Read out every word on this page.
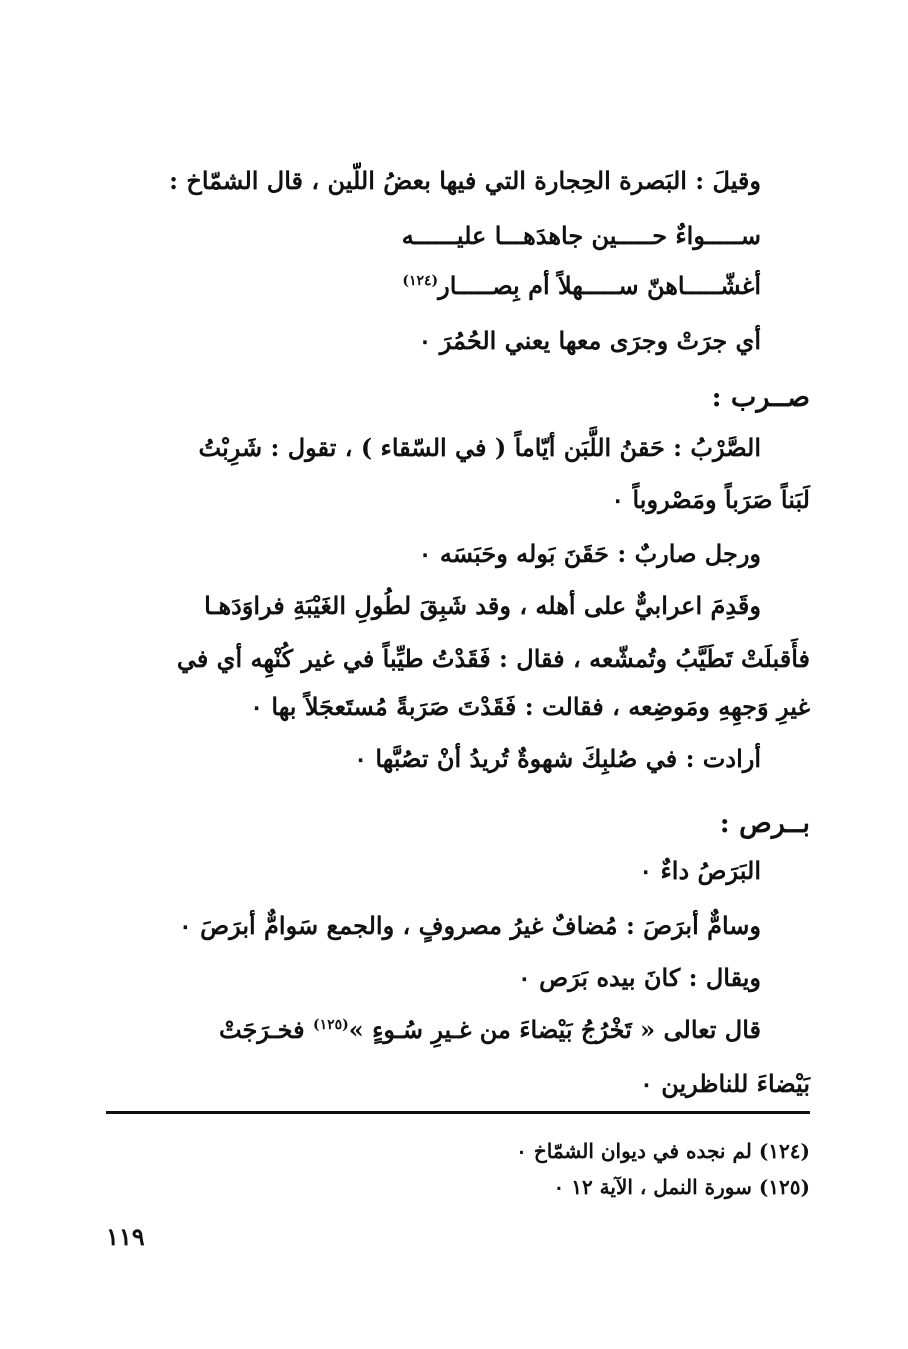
وقيلَ : البَصرة الحِجارة التي فيها بعضُ اللّين ، قال الشمّاخ :
ســـــواءٌ حـــــين جاهدَهـــا عليــــــه
أغشّـــــاهنّ ســـــهلاً أم بِصـــــار$^{(١٢٤)}$
أي جرَتْ وجرَى معها يعني الحُمُرَ ٠
صــرب :
الصَّرْبُ : حَقنُ اللَّبَن أيّاماً ( في السّقاء ) ، تقول : شَرِبْتُ
لَبَناً صَرَباً ومَصْروباً ٠
ورجل صاربٌ : حَقَنَ بَوله وحَبَسَه ٠
وقَدِمَ اعرابيٌّ على أهله ، وقد شَبِقَ لطُولِ الغَيْبَةِ فراوَدَهـا
فأَقبلَتْ تَطَيَّبُ وتُمشّعه ، فقال : فَقَدْتُ طيِّباً في غير كُنْهِه أي في
غيرِ وَجهِهِ ومَوضِعه ، فقالت : فَقَدْتَ صَرَبةً مُستَعجَلاً بها ٠
أرادت : في صُلبِكَ شهوةٌ تُريدُ أنْ تصُبَّها ٠
بــرص :
البَرَصُ داءٌ ٠
وسامٌّ أبرَصَ : مُضافٌ غيرُ مصروفٍ ، والجمع سَوامٌّ أبرَصَ ٠
ويقال : كانَ بيده بَرَص ٠
قال تعالى « تَخْرُجُ بَيْضاءَ من غـيرِ سُـوءٍ »$^{(١٢٥)}$ فخـرَجَتْ
بَيْضاءَ للناظرين ٠
(١٢٤) لم نجده في ديوان الشمّاخ ٠
(١٢٥) سورة النمل ، الآية ١٢ ٠
١١٩
